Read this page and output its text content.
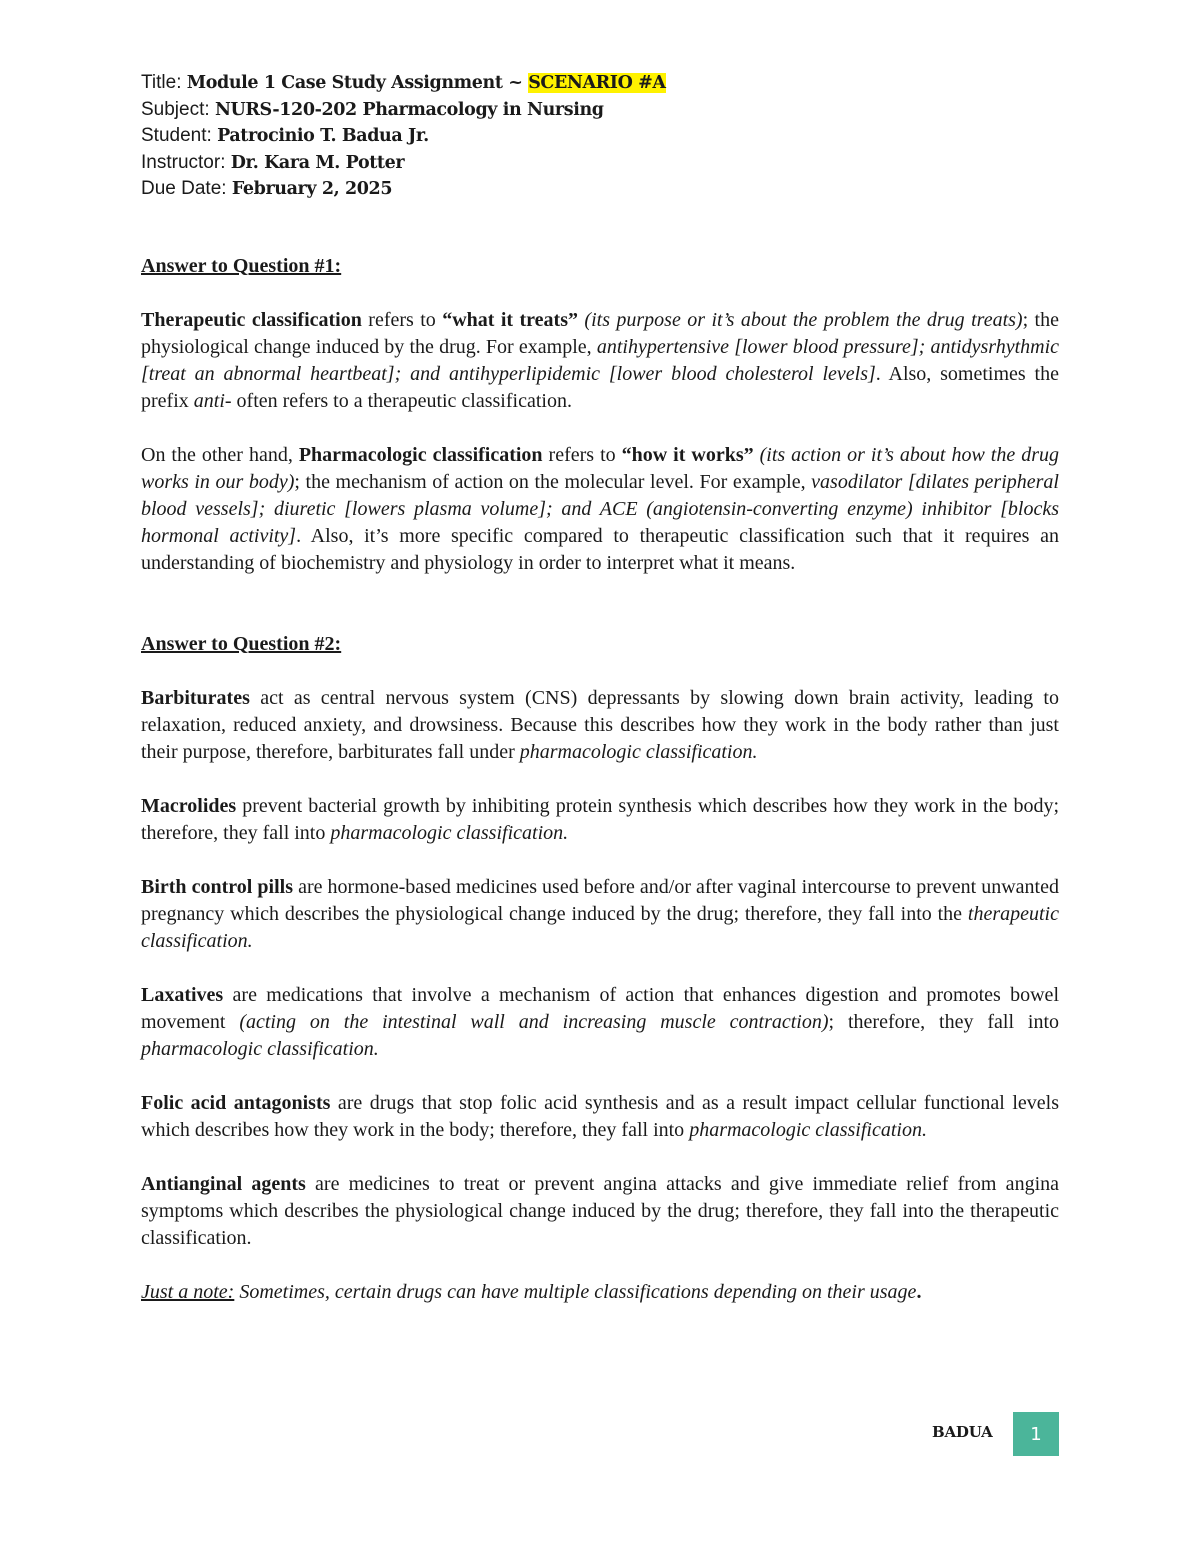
Title: Module 1 Case Study Assignment ~ SCENARIO #A
Subject: NURS-120-202 Pharmacology in Nursing
Student: Patrocinio T. Badua Jr.
Instructor: Dr. Kara M. Potter
Due Date: February 2, 2025
Answer to Question #1:

Therapeutic classification refers to “what it treats” (its purpose or it’s about the problem the drug treats); the physiological change induced by the drug. For example, antihypertensive [lower blood pressure]; antidysrhythmic [treat an abnormal heartbeat]; and antihyperlipidemic [lower blood cholesterol levels]. Also, sometimes the prefix anti- often refers to a therapeutic classification.

On the other hand, Pharmacologic classification refers to “how it works” (its action or it’s about how the drug works in our body); the mechanism of action on the molecular level. For example, vasodilator [dilates peripheral blood vessels]; diuretic [lowers plasma volume]; and ACE (angiotensin-converting enzyme) inhibitor [blocks hormonal activity]. Also, it’s more specific compared to therapeutic classification such that it requires an understanding of biochemistry and physiology in order to interpret what it means.

Answer to Question #2:

Barbiturates act as central nervous system (CNS) depressants by slowing down brain activity, leading to relaxation, reduced anxiety, and drowsiness. Because this describes how they work in the body rather than just their purpose, therefore, barbiturates fall under pharmacologic classification.

Macrolides prevent bacterial growth by inhibiting protein synthesis which describes how they work in the body; therefore, they fall into pharmacologic classification.

Birth control pills are hormone-based medicines used before and/or after vaginal intercourse to prevent unwanted pregnancy which describes the physiological change induced by the drug; therefore, they fall into the therapeutic classification.

Laxatives are medications that involve a mechanism of action that enhances digestion and promotes bowel movement (acting on the intestinal wall and increasing muscle contraction); therefore, they fall into pharmacologic classification.

Folic acid antagonists are drugs that stop folic acid synthesis and as a result impact cellular functional levels which describes how they work in the body; therefore, they fall into pharmacologic classification.

Antianginal agents are medicines to treat or prevent angina attacks and give immediate relief from angina symptoms which describes the physiological change induced by the drug; therefore, they fall into the therapeutic classification.

Just a note: Sometimes, certain drugs can have multiple classifications depending on their usage.

BADUA 1
